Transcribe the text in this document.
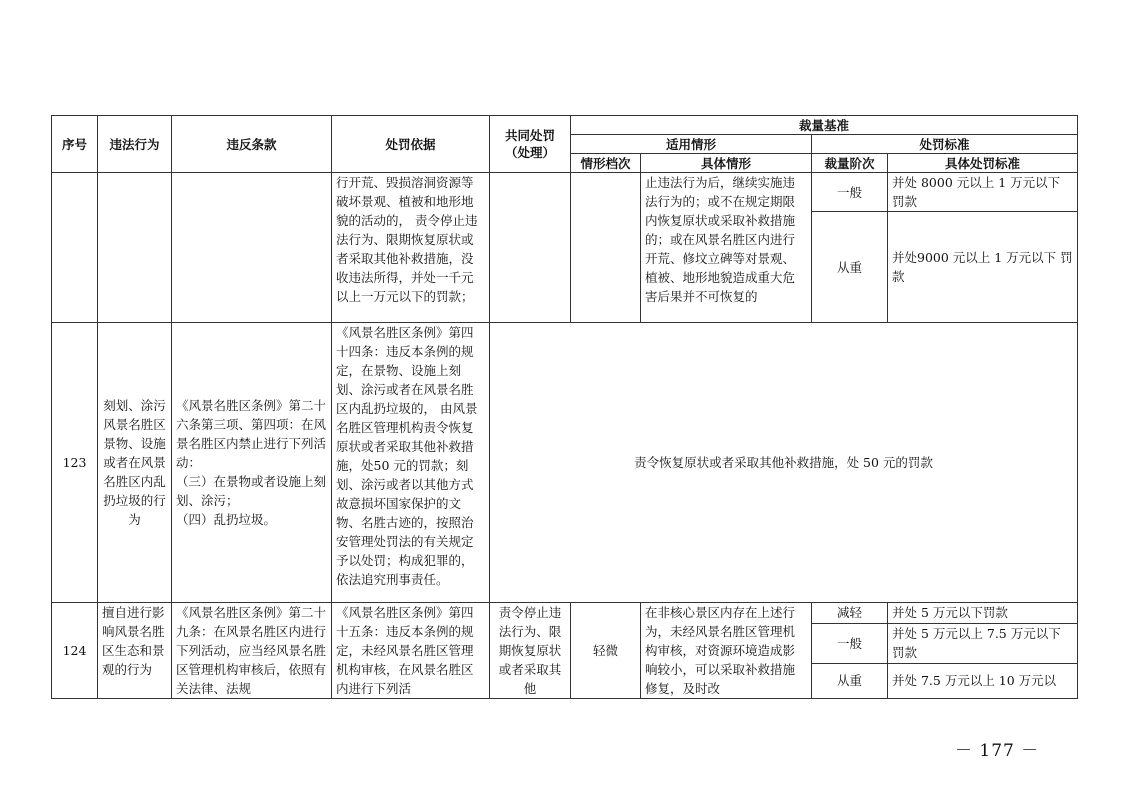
序号	违法行为	违反条款	处罚依据	共同处罚
（处理）	裁量基准			
					适用情形		处罚标准	
					情形档次	具体情形	裁量阶次	具体处罚标准
			行开荒、毁损溶洞资源等破坏景观、植被和地形地貌的活动的， 责令停止违法行为、限期恢复原状或者采取其他补救措施，没收违法所得，并处一千元以上一万元以下的罚款；			止违法行为后，继续实施违法行为的；或不在规定期限内恢复原状或采取补救措施的；或在风景名胜区内进行开荒、修坟立碑等对景观、植被、地形地貌造成重大危害后果并不可恢复的	一般	并处 8000 元以上 1 万元以下 罚款
							从重	并处9000 元以上 1 万元以下 罚款
123	刻划、涂污风景名胜区景物、设施或者在风景名胜区内乱扔垃圾的行为	《风景名胜区条例》第二十六条第三项、第四项：在风景名胜区内禁止进行下列活动：
（三）在景物或者设施上刻划、涂污；
（四）乱扔垃圾。	《风景名胜区条例》第四十四条：违反本条例的规定，在景物、设施上刻划、涂污或者在风景名胜区内乱扔垃圾的， 由风景名胜区管理机构责令恢复原状或者采取其他补救措施，处50 元的罚款；刻划、涂污或者以其他方式故意损坏国家保护的文物、名胜古迹的，按照治安管理处罚法的有关规定予以处罚；构成犯罪的，依法追究刑事责任。	责令恢复原状或者采取其他补救措施，处 50 元的罚款				
124	擅自进行影响风景名胜区生态和景观的行为	《风景名胜区条例》第二十九条：在风景名胜区内进行下列活动，应当经风景名胜区管理机构审核后，依照有关法律、法规	《风景名胜区条例》第四十五条：违反本条例的规定，未经风景名胜区管理机构审核，在风景名胜区内进行下列活	责令停止违法行为、限期恢复原状或者采取其他	轻微	在非核心景区内存在上述行为，未经风景名胜区管理机构审核，对资源环境造成影响较小，可以采取补救措施修复，及时改	减轻	并处 5 万元以下罚款
							一般	并处 5 万元以上 7.5 万元以下 罚款
							从重	并处 7.5 万元以上 10 万元以
－ 177 －
